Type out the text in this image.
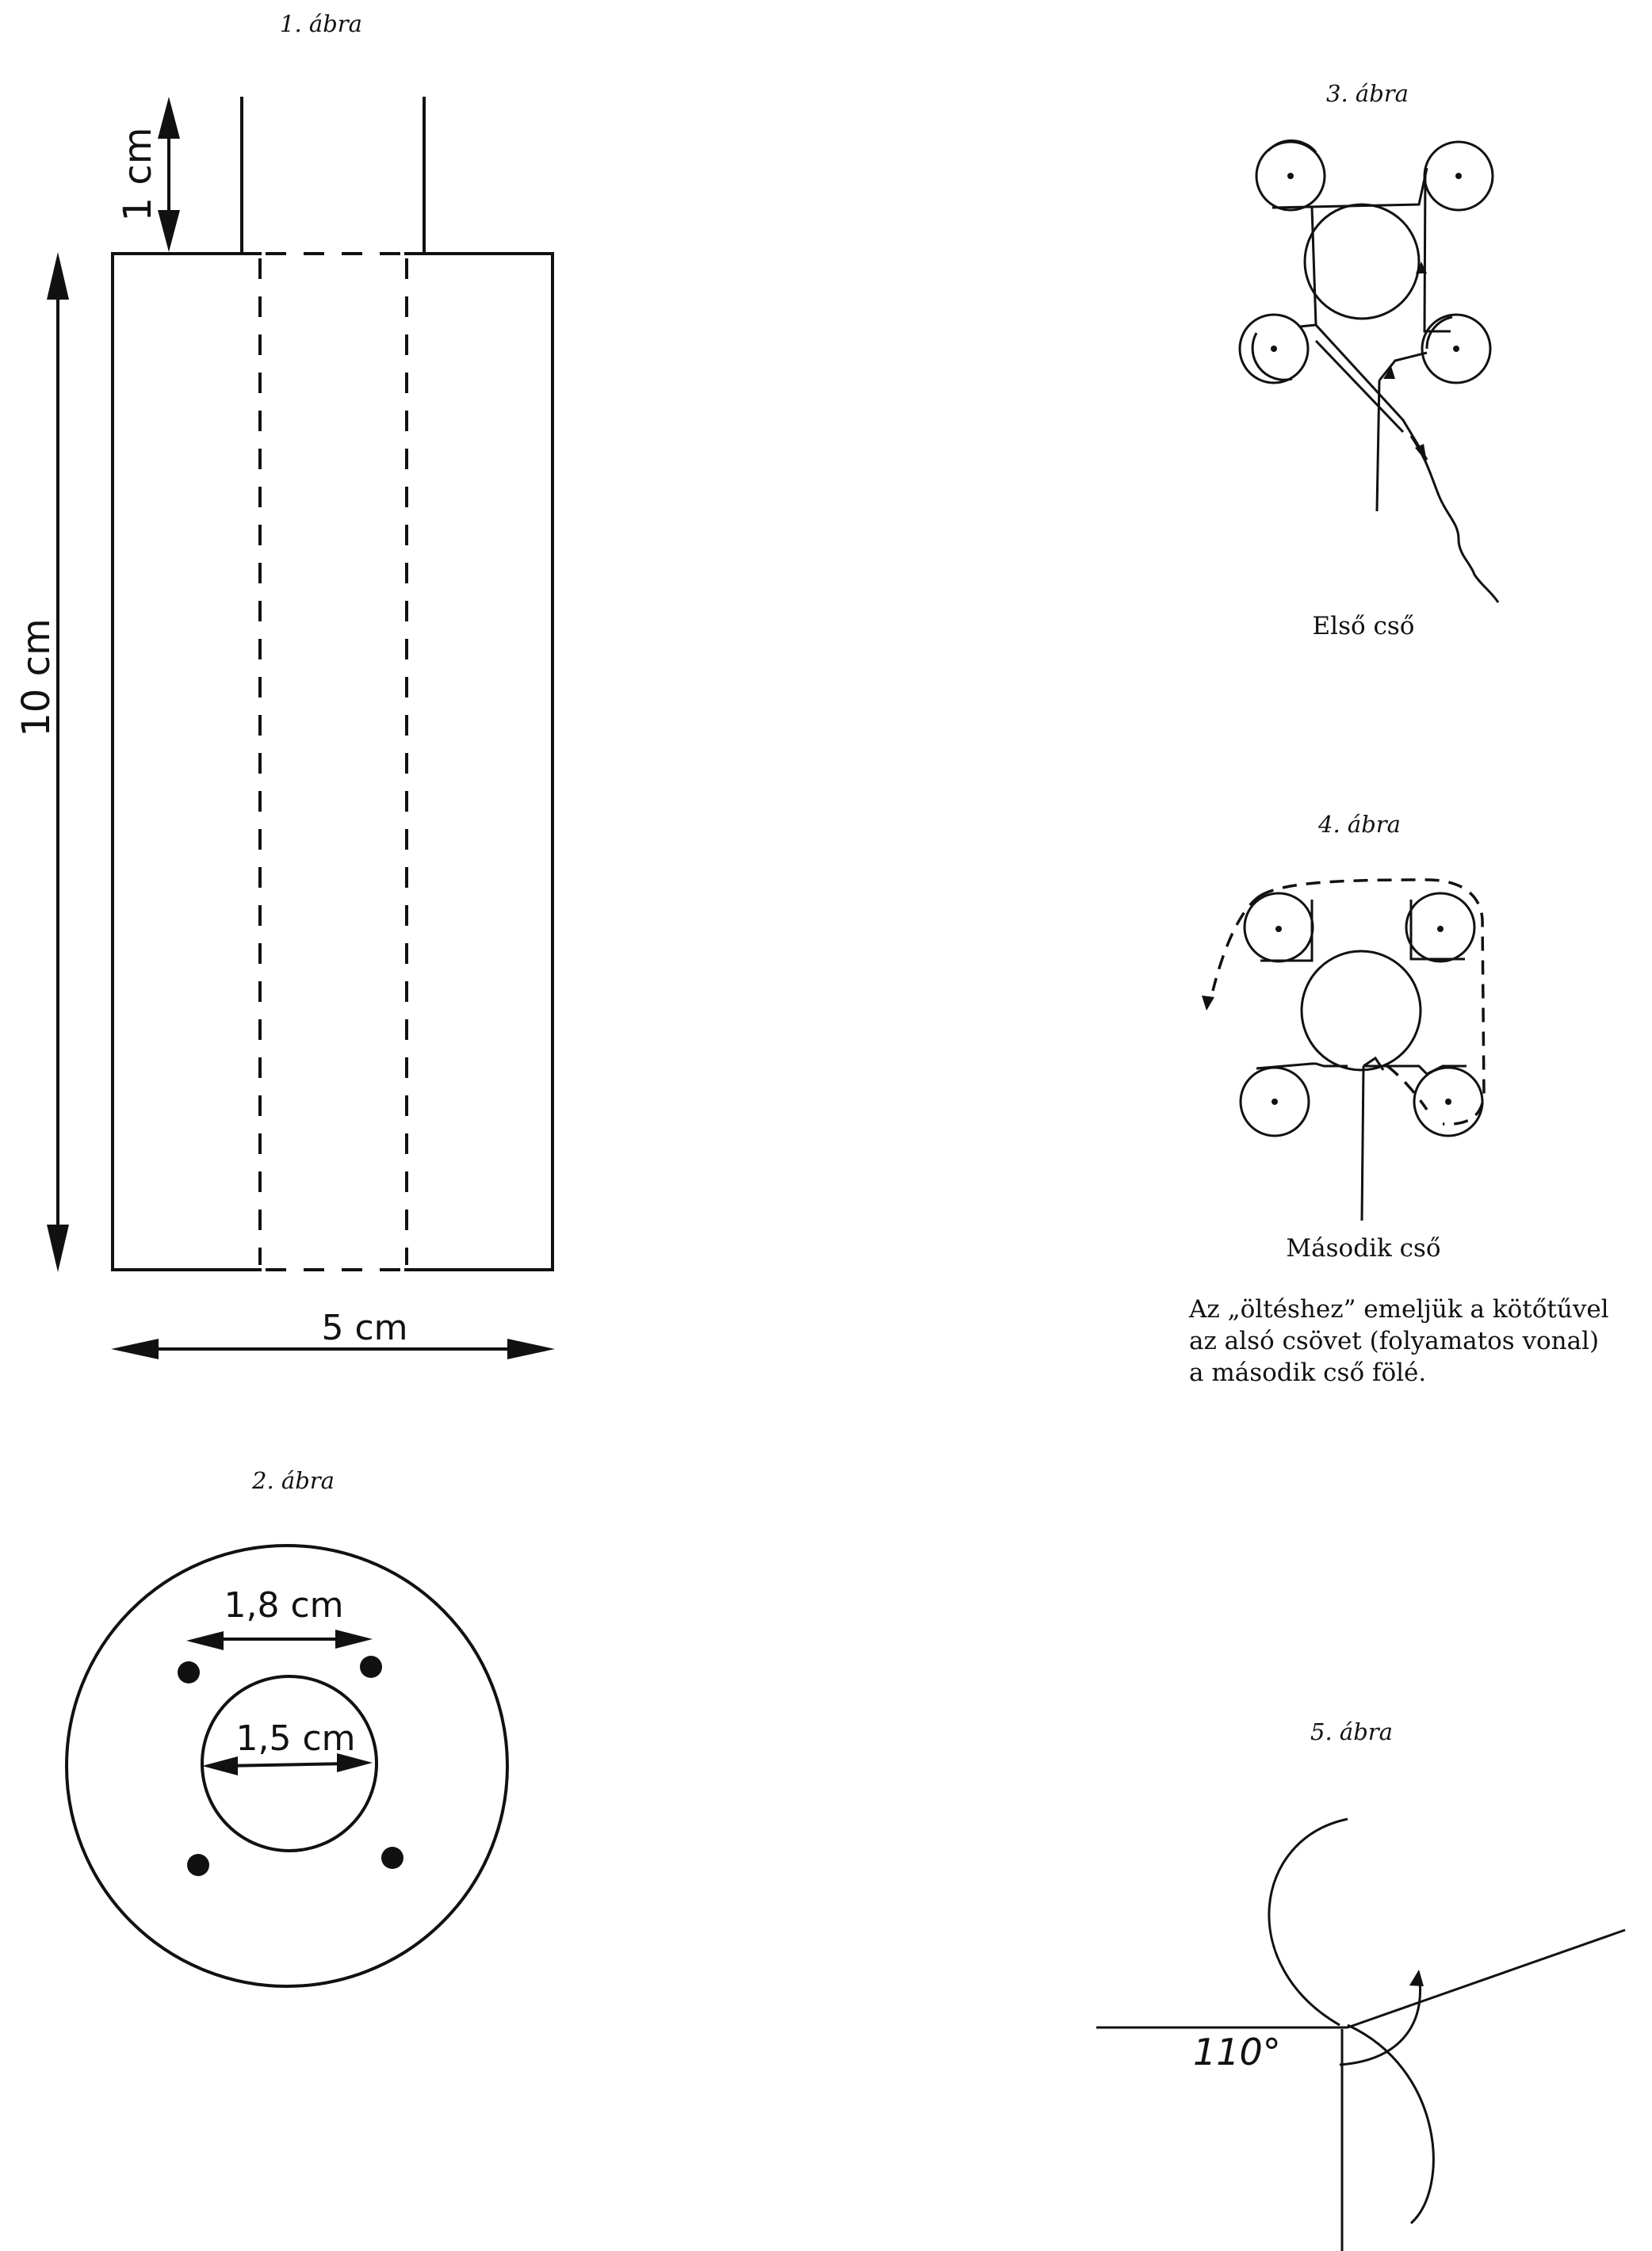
1. ábra
1 cm
10 cm
5 cm
2. ábra
1,8 cm
1,5 cm
3. ábra
Első cső
4. ábra
Második cső
Az „öltéshez” emeljük a kötőtűvel
az alsó csövet (folyamatos vonal)
a második cső fölé.
5. ábra
110°
